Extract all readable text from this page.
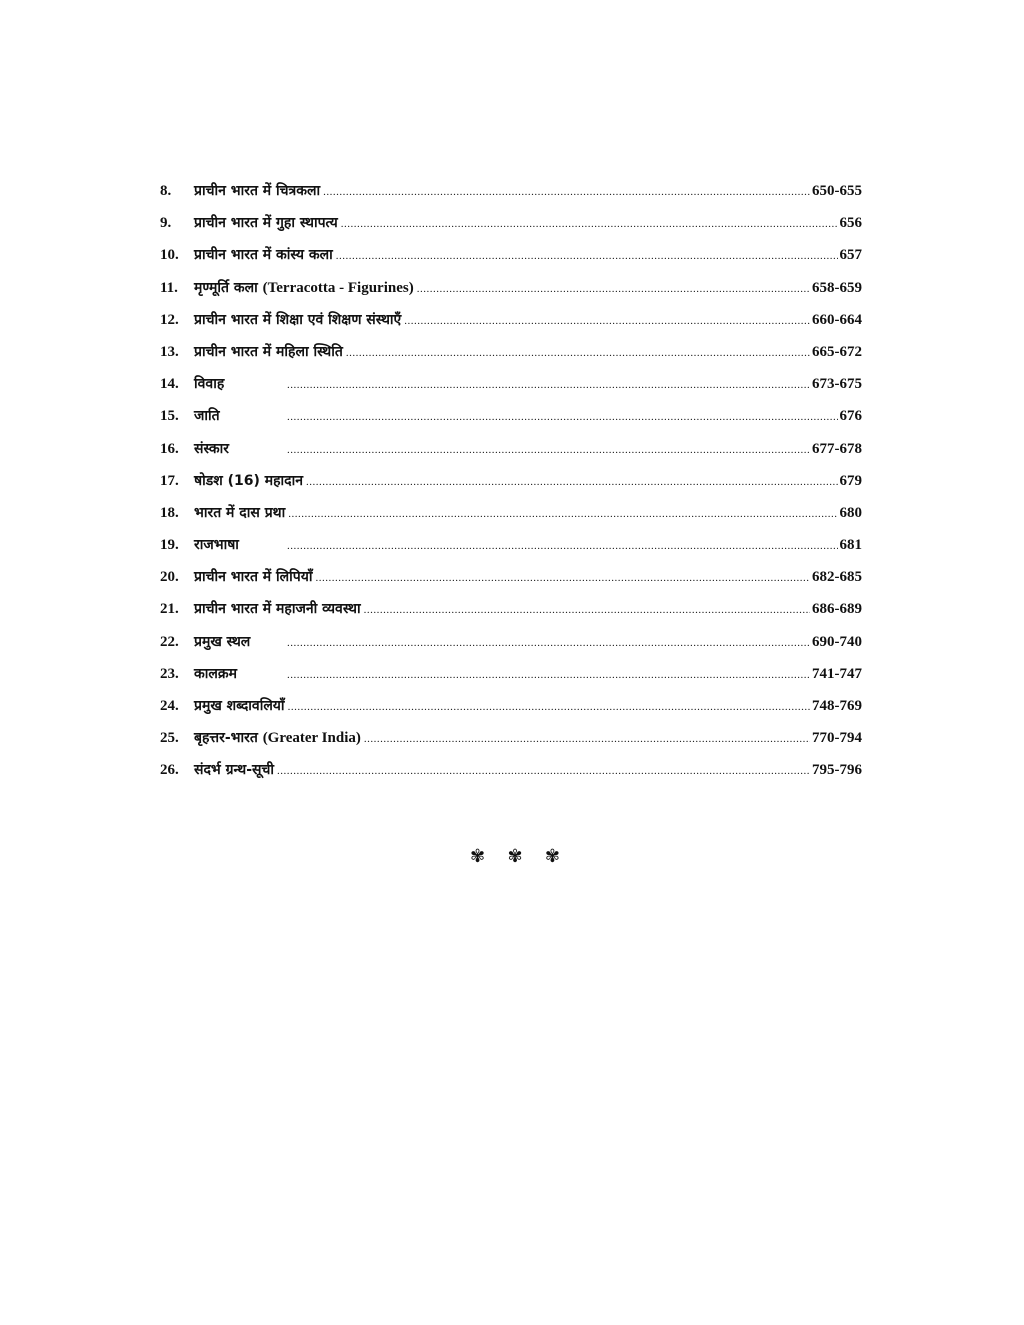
8.	प्राचीन भारत में चित्रकला .....	650-655
9.	प्राचीन भारत में गुहा स्थापत्य .....	656
10.	प्राचीन भारत में कांस्य कला .....	657
11.	मृण्मूर्ति कला (Terracotta - Figurines) .....	658-659
12.	प्राचीन भारत में शिक्षा एवं शिक्षण संस्थाएँ .....	660-664
13.	प्राचीन भारत में महिला स्थिति .....	665-672
14.	विवाह .....	673-675
15.	जाति .....	676
16.	संस्कार .....	677-678
17.	षोडश (16) महादान .....	679
18.	भारत में दास प्रथा .....	680
19.	राजभाषा .....	681
20.	प्राचीन भारत में लिपियाँ .....	682-685
21.	प्राचीन भारत में महाजनी व्यवस्था .....	686-689
22.	प्रमुख स्थल .....	690-740
23.	कालक्रम .....	741-747
24.	प्रमुख शब्दावलियाँ .....	748-769
25.	बृहत्तर-भारत (Greater India) .....	770-794
26.	संदर्भ ग्रन्थ-सूची .....	795-796
✾ ✾ ✾
